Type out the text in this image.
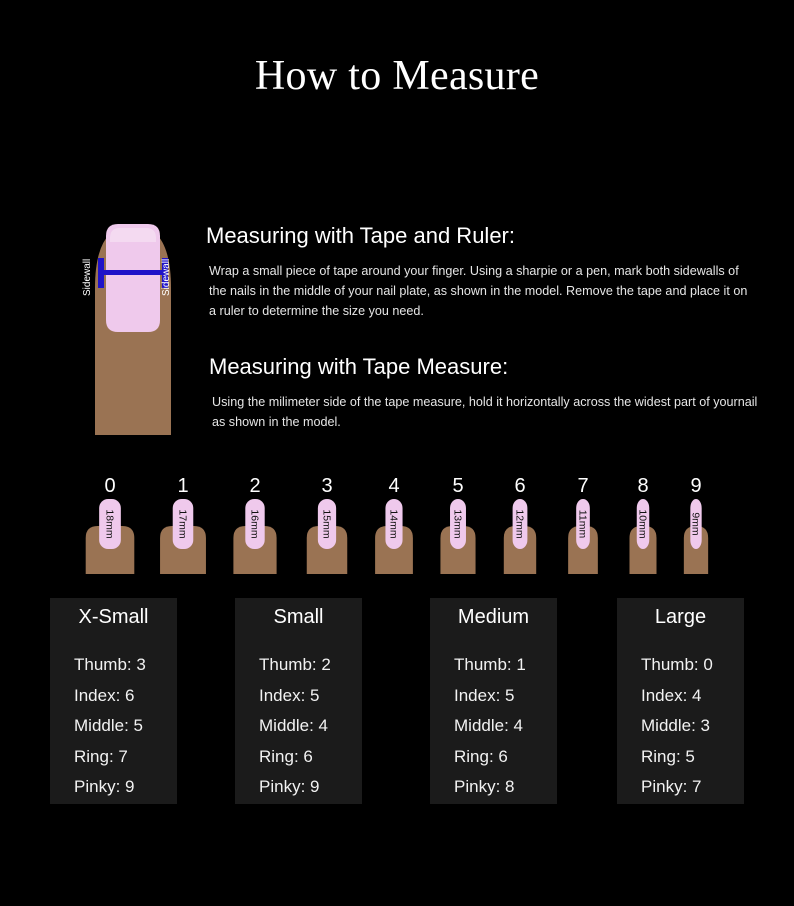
How to Measure
Sidewall	Sidewall
Measuring with Tape and Ruler:
Wrap a small piece of tape around your finger. Using a sharpie or a pen, mark both sidewalls of the nails in the middle of your nail plate, as shown in the model. Remove the tape and place it on a ruler to determine the size you need.
Measuring with Tape Measure:
Using the milimeter side of the tape measure, hold it horizontally across the widest part of yournail as shown in the model.
0
18mm
1
17mm
2
16mm
3
15mm
4
14mm
5
13mm
6
12mm
7
11mm
8
10mm
9
9mm
X-Small
Thumb: 3
Index: 6
Middle: 5
Ring: 7
Pinky: 9
Small
Thumb: 2
Index: 5
Middle: 4
Ring: 6
Pinky: 9
Medium
Thumb: 1
Index: 5
Middle: 4
Ring: 6
Pinky: 8
Large
Thumb: 0
Index: 4
Middle: 3
Ring: 5
Pinky: 7
